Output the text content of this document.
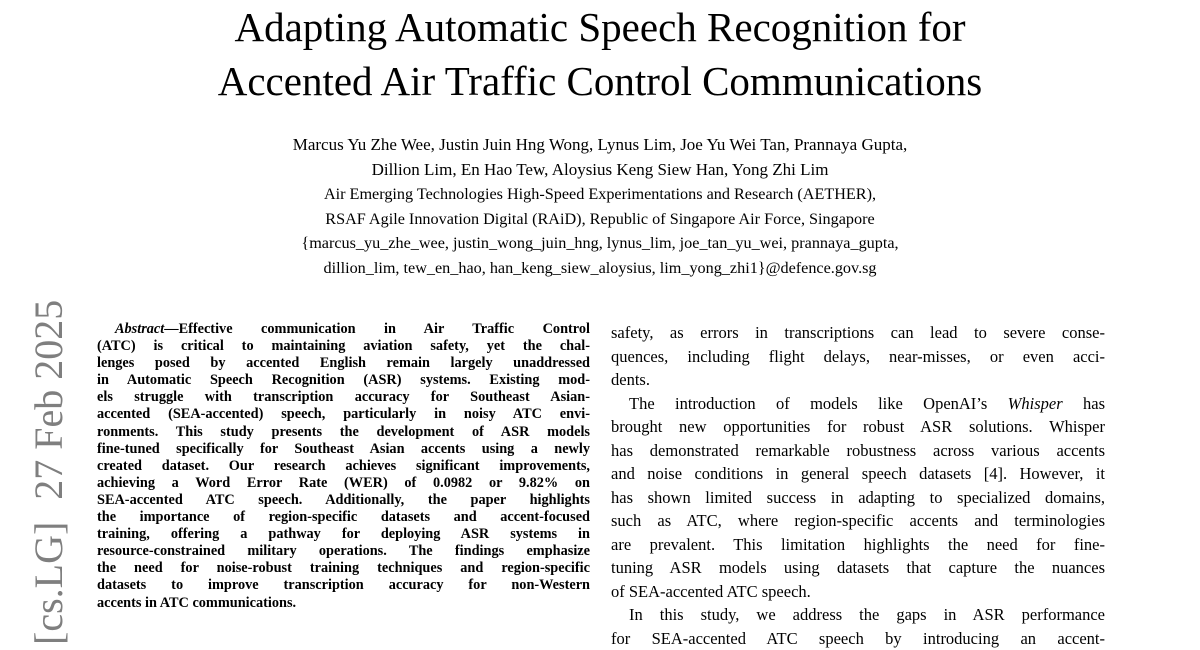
Adapting Automatic Speech Recognition for
Accented Air Traffic Control Communications
Marcus Yu Zhe Wee, Justin Juin Hng Wong, Lynus Lim, Joe Yu Wei Tan, Prannaya Gupta,
Dillion Lim, En Hao Tew, Aloysius Keng Siew Han, Yong Zhi Lim
Air Emerging Technologies High-Speed Experimentations and Research (AETHER),
RSAF Agile Innovation Digital (RAiD), Republic of Singapore Air Force, Singapore
{marcus_yu_zhe_wee, justin_wong_juin_hng, lynus_lim, joe_tan_yu_wei, prannaya_gupta,
dillion_lim, tew_en_hao, han_keng_siew_aloysius, lim_yong_zhi1}@defence.gov.sg
[cs.LG]27 Feb 2025	Abstract—Effective communication in Air Traffic Control
(ATC) is critical to maintaining aviation safety, yet the chal-
lenges posed by accented English remain largely unaddressed
in Automatic Speech Recognition (ASR) systems. Existing mod-
els struggle with transcription accuracy for Southeast Asian-
accented (SEA-accented) speech, particularly in noisy ATC envi-
ronments. This study presents the development of ASR models
fine-tuned specifically for Southeast Asian accents using a newly
created dataset. Our research achieves significant improvements,
achieving a Word Error Rate (WER) of 0.0982 or 9.82% on
SEA-accented ATC speech. Additionally, the paper highlights
the importance of region-specific datasets and accent-focused
training, offering a pathway for deploying ASR systems in
resource-constrained military operations. The findings emphasize
the need for noise-robust training techniques and region-specific
datasets to improve transcription accuracy for non-Western
accents in ATC communications.
safety, as errors in transcriptions can lead to severe conse-
quences, including flight delays, near-misses, or even acci-
dents.
The introduction of models like OpenAI’s Whisper has
brought new opportunities for robust ASR solutions. Whisper
has demonstrated remarkable robustness across various accents
and noise conditions in general speech datasets [4]. However, it
has shown limited success in adapting to specialized domains,
such as ATC, where region-specific accents and terminologies
are prevalent. This limitation highlights the need for fine-
tuning ASR models using datasets that capture the nuances
of SEA-accented ATC speech.
In this study, we address the gaps in ASR performance
for SEA-accented ATC speech by introducing an accent-
